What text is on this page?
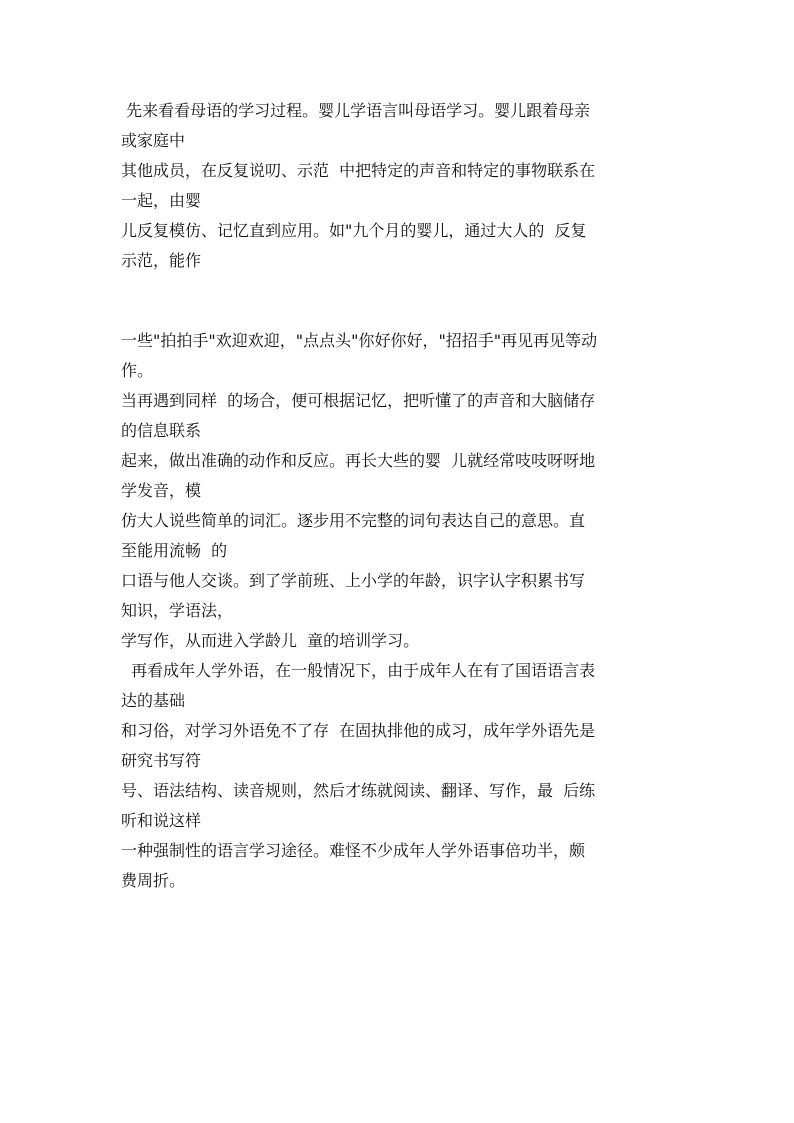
先来看看母语的学习过程。婴儿学语言叫母语学习。婴儿跟着母亲
或家庭中
其他成员，在反复说叨、示范  中把特定的声音和特定的事物联系在
一起，由婴
儿反复模仿、记忆直到应用。如"九个月的婴儿，通过大人的  反复
示范，能作
一些"拍拍手"欢迎欢迎，"点点头"你好你好，"招招手"再见再见等动
作。
当再遇到同样  的场合，便可根据记忆，把听懂了的声音和大脑储存
的信息联系
起来，做出准确的动作和反应。再长大些的婴  儿就经常吱吱呀呀地
学发音，模
仿大人说些简单的词汇。逐步用不完整的词句表达自己的意思。直
至能用流畅  的
口语与他人交谈。到了学前班、上小学的年龄，识字认字积累书写
知识，学语法，
学写作，从而进入学龄儿  童的培训学习。
再看成年人学外语，在一般情况下，由于成年人在有了国语语言表
达的基础
和习俗，对学习外语免不了存  在固执排他的成习，成年学外语先是
研究书写符
号、语法结构、读音规则，然后才练就阅读、翻译、写作，最  后练
听和说这样
一种强制性的语言学习途径。难怪不少成年人学外语事倍功半，颇
费周折。
